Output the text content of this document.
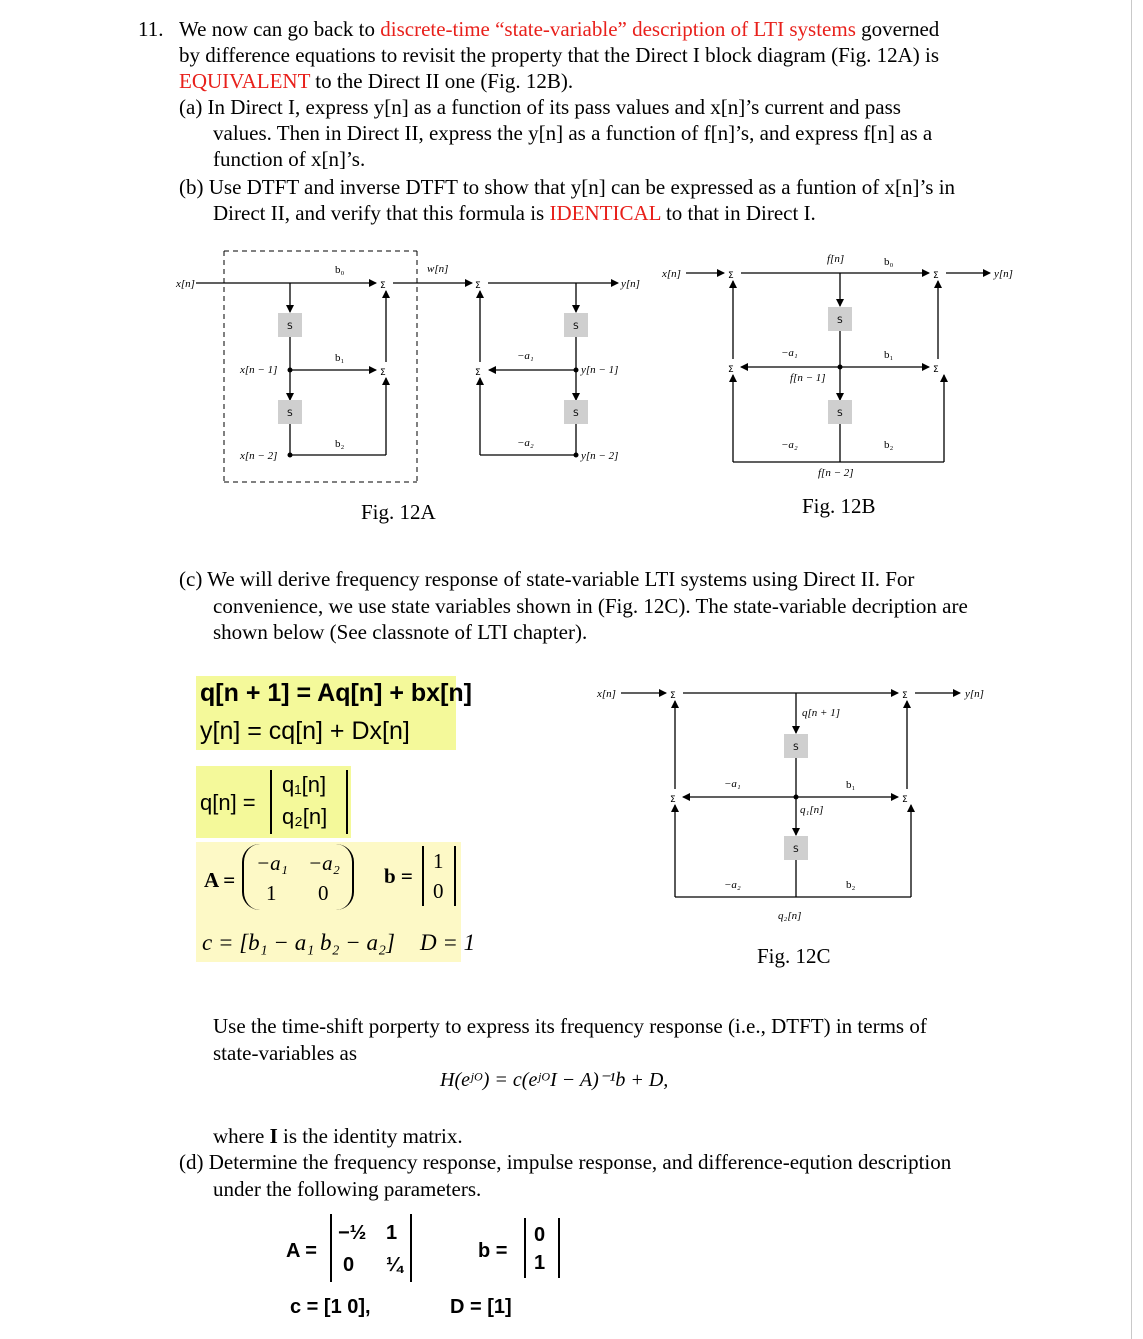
11. We now can go back to discrete-time “state-variable” description of LTI systems governed
by difference equations to revisit the property that the Direct I block diagram (Fig. 12A) is
EQUIVALENT to the Direct II one (Fig. 12B).
(a) In Direct I, express y[n] as a function of its pass values and x[n]’s current and pass
values. Then in Direct II, express the y[n] as a function of f[n]’s, and express f[n] as a
function of x[n]’s.
(b) Use DTFT and inverse DTFT to show that y[n] can be expressed as a funtion of x[n]’s in
Direct II, and verify that this formula is IDENTICAL to that in Direct I.
x[n]
S
S
x[n − 1]
x[n − 2]
b₀
b₁
b₂
Σ
Σ
w[n]
Σ	y[n]
S
S
y[n − 1]
y[n − 2]
−a₁
−a₂
Σ
x[n]	Σ
f[n]	b₀
Σ	y[n]
S
S
f[n − 1]
f[n − 2]
−a₁	b₁
−a₂	b₂
Σ	Σ
x[n]	Σ	Σ	y[n]
q[n + 1]
S
S
q₁[n]
q₂[n]
−a₁	b₁
−a₂	b₂
Σ	Σ
Fig. 12A	Fig. 12B
Fig. 12C
(c) We will derive frequency response of state-variable LTI systems using Direct II. For
convenience, we use state variables shown in (Fig. 12C). The state-variable decription are
shown below (See classnote of LTI chapter).
q[n + 1] = Aq[n] + bx[n]
y[n] = cq[n] + Dx[n]
q[n] =
q₁[n]
q₂[n]
A =
−a₁ −a₂
1 0
b =
1
0
c = [b₁ − a₁ b₂ − a₂] D = 1
Use the time-shift porperty to express its frequency response (i.e., DTFT) in terms of
state-variables as
H(eʲᴼ) = c(eʲᴼI − A)⁻¹b + D,
where I is the identity matrix.
(d) Determine the frequency response, impulse response, and difference-eqution description
under the following parameters.
A =
−½ 1
0 ¼
b =
0
1
c = [1 0],	D = [1]
